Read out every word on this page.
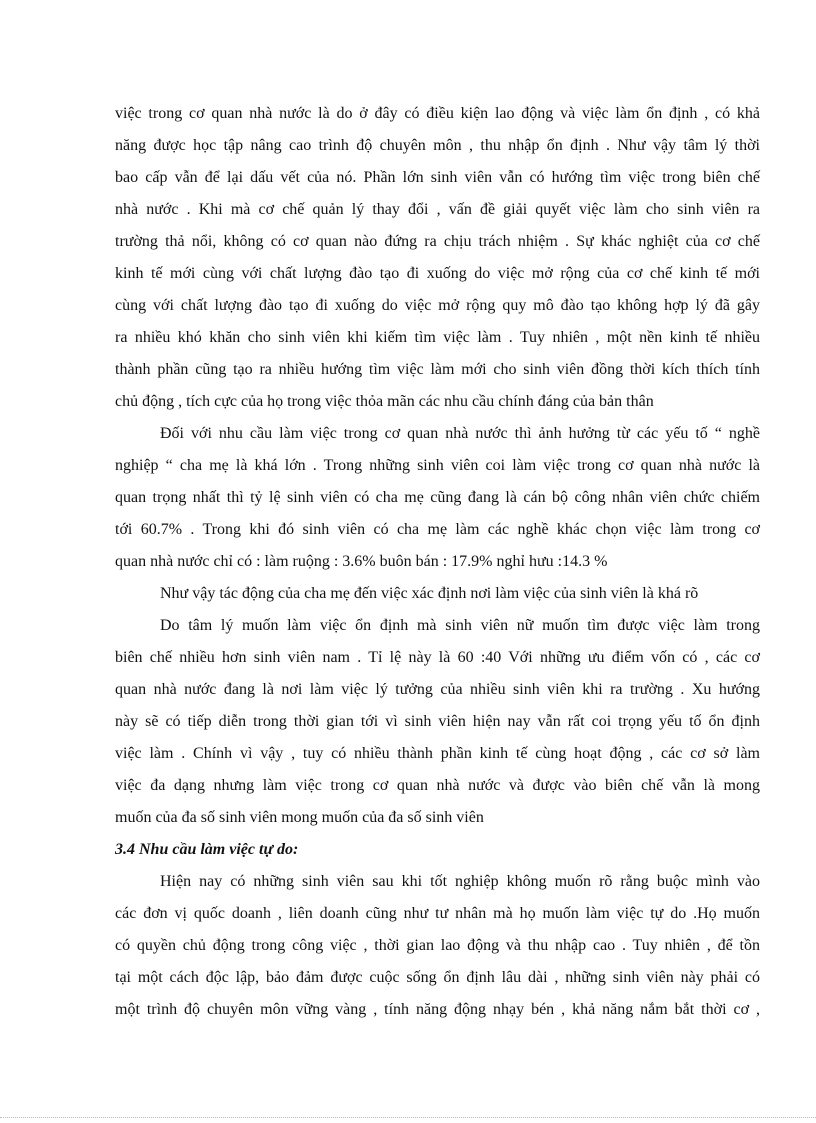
việc trong cơ quan nhà nước là do ở đây có điều kiện lao động và việc làm ổn định , có khả
năng được học tập nâng cao trình độ chuyên môn , thu nhập ổn định . Như vậy tâm lý thời
bao cấp vẫn để lại dấu vết của nó. Phần lớn sinh viên vẫn có hướng tìm việc trong biên chế
nhà nước . Khi mà cơ chế quản lý thay đổi , vấn đề giải quyết việc làm cho sinh viên ra
trường thả nổi, không có cơ quan nào đứng ra chịu trách nhiệm . Sự khác nghiệt của cơ chế
kinh tế mới cùng với chất lượng đào tạo đi xuống do việc mở rộng của cơ chế kinh tế mới
cùng với chất lượng đào tạo đi xuống do việc mở rộng quy mô đào tạo không hợp lý đã gây
ra nhiều khó khăn cho sinh viên khi kiếm tìm việc làm . Tuy nhiên , một nền kinh tế nhiều
thành phần cũng tạo ra nhiều hướng tìm việc làm mới cho sinh viên đồng thời kích thích tính
chủ động , tích cực của họ trong việc thỏa mãn các nhu cầu chính đáng của bản thân
Đối với nhu cầu làm việc trong cơ quan nhà nước thì ảnh hưởng từ các yếu tố “ nghề
nghiệp “ cha mẹ là khá lớn . Trong những sinh viên coi làm việc trong cơ quan nhà nước là
quan trọng nhất thì tỷ lệ sinh viên có cha mẹ cũng đang là cán bộ công nhân viên chức chiếm
tới 60.7% . Trong khi đó sinh viên có cha mẹ làm các nghề khác chọn việc làm trong cơ
quan nhà nước chỉ có : làm ruộng : 3.6% buôn bán : 17.9% nghỉ hưu :14.3 %
Như vậy tác động của cha mẹ đến việc xác định nơi làm việc của sinh viên là khá rõ
Do tâm lý muốn làm việc ổn định mà sinh viên nữ muốn tìm được việc làm trong
biên chế nhiều hơn sinh viên nam . Tỉ lệ này là 60 :40 Với những ưu điểm vốn có , các cơ
quan nhà nước đang là nơi làm việc lý tưởng của nhiều sinh viên khi ra trường . Xu hướng
này sẽ có tiếp diễn trong thời gian tới vì sinh viên hiện nay vẫn rất coi trọng yếu tố ổn định
việc làm . Chính vì vậy , tuy có nhiều thành phần kinh tế cùng hoạt động , các cơ sở làm
việc đa dạng nhưng làm việc trong cơ quan nhà nước và được vào biên chế vẫn là mong
muốn của đa số sinh viên mong muốn của đa số sinh viên
3.4 Nhu cầu làm việc tự do:
Hiện nay có những sinh viên sau khi tốt nghiệp không muốn rõ rằng buộc mình vào
các đơn vị quốc doanh , liên doanh cũng như tư nhân mà họ muốn làm việc tự do .Họ muốn
có quyền chủ động trong công việc , thời gian lao động và thu nhập cao . Tuy nhiên , để tồn
tại một cách độc lập, bảo đảm được cuộc sống ổn định lâu dài , những sinh viên này phải có
một trình độ chuyên môn vững vàng , tính năng động nhạy bén , khả năng nắm bắt thời cơ ,
